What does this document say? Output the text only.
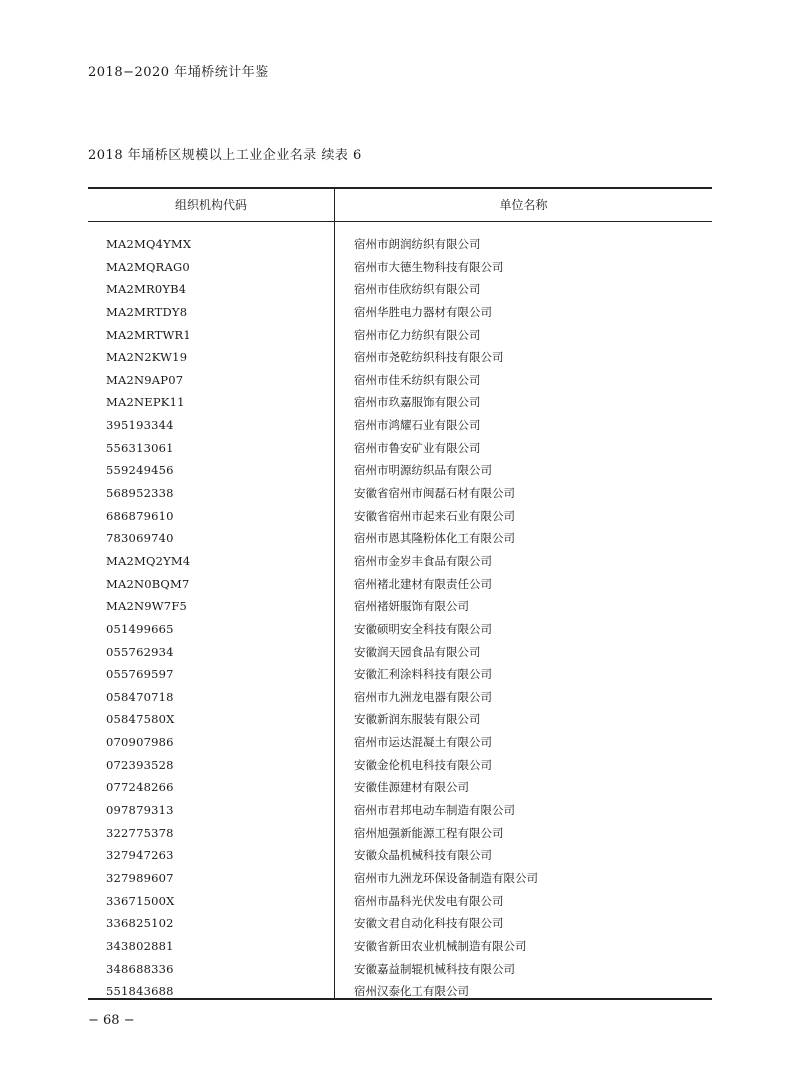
2018−2020 年埇桥统计年鉴
2018 年埇桥区规模以上工业企业名录 续表 6
组织机构代码	单位名称
MA2MQ4YMX	宿州市朗润纺织有限公司
MA2MQRAG0	宿州市大德生物科技有限公司
MA2MR0YB4	宿州市佳欣纺织有限公司
MA2MRTDY8	宿州华胜电力器材有限公司
MA2MRTWR1	宿州市亿力纺织有限公司
MA2N2KW19	宿州市尧乾纺织科技有限公司
MA2N9AP07	宿州市佳禾纺织有限公司
MA2NEPK11	宿州市玖嘉服饰有限公司
395193344	宿州市鸿耀石业有限公司
556313061	宿州市鲁安矿业有限公司
559249456	宿州市明源纺织品有限公司
568952338	安徽省宿州市闽磊石材有限公司
686879610	安徽省宿州市起来石业有限公司
783069740	宿州市恩其隆粉体化工有限公司
MA2MQ2YM4	宿州市金岁丰食品有限公司
MA2N0BQM7	宿州褚北建材有限责任公司
MA2N9W7F5	宿州褚妍服饰有限公司
051499665	安徽硕明安全科技有限公司
055762934	安徽润天园食品有限公司
055769597	安徽汇利涂料科技有限公司
058470718	宿州市九洲龙电器有限公司
05847580X	安徽新润东服装有限公司
070907986	宿州市运达混凝土有限公司
072393528	安徽金伦机电科技有限公司
077248266	安徽佳源建材有限公司
097879313	宿州市君邦电动车制造有限公司
322775378	宿州旭强新能源工程有限公司
327947263	安徽众晶机械科技有限公司
327989607	宿州市九洲龙环保设备制造有限公司
33671500X	宿州市晶科光伏发电有限公司
336825102	安徽文君自动化科技有限公司
343802881	安徽省新田农业机械制造有限公司
348688336	安徽嘉益制辊机械科技有限公司
551843688	宿州汉泰化工有限公司
− 68 −
